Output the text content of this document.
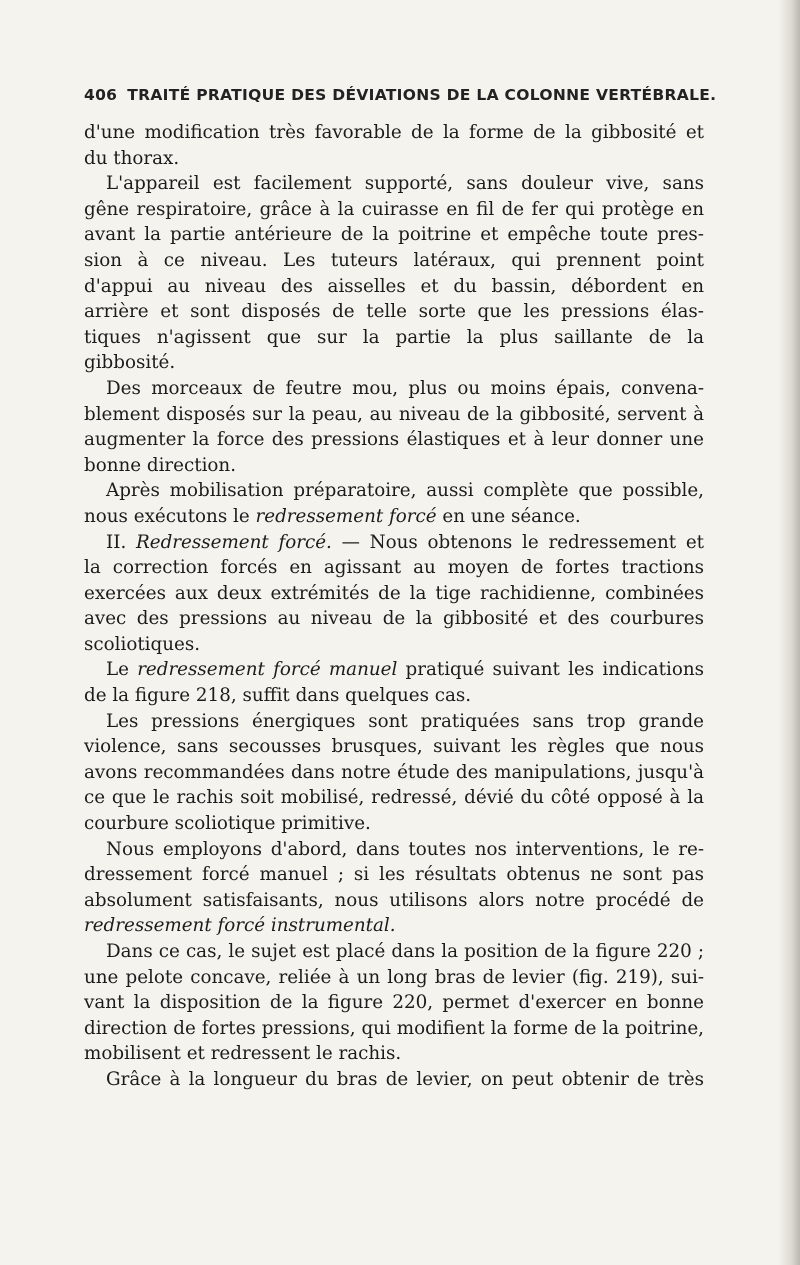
406 TRAITÉ PRATIQUE DES DÉVIATIONS DE LA COLONNE VERTÉBRALE.
d'une modification très favorable de la forme de la gibbosité et
du thorax.
L'appareil est facilement supporté, sans douleur vive, sans
gêne respiratoire, grâce à la cuirasse en fil de fer qui protège en
avant la partie antérieure de la poitrine et empêche toute pres-
sion à ce niveau. Les tuteurs latéraux, qui prennent point
d'appui au niveau des aisselles et du bassin, débordent en
arrière et sont disposés de telle sorte que les pressions élas-
tiques n'agissent que sur la partie la plus saillante de la
gibbosité.
Des morceaux de feutre mou, plus ou moins épais, convena-
blement disposés sur la peau, au niveau de la gibbosité, servent à
augmenter la force des pressions élastiques et à leur donner une
bonne direction.
Après mobilisation préparatoire, aussi complète que possible,
nous exécutons le redressement forcé en une séance.
II. Redressement forcé. — Nous obtenons le redressement et
la correction forcés en agissant au moyen de fortes tractions
exercées aux deux extrémités de la tige rachidienne, combinées
avec des pressions au niveau de la gibbosité et des courbures
scoliotiques.
Le redressement forcé manuel pratiqué suivant les indications
de la figure 218, suffit dans quelques cas.
Les pressions énergiques sont pratiquées sans trop grande
violence, sans secousses brusques, suivant les règles que nous
avons recommandées dans notre étude des manipulations, jusqu'à
ce que le rachis soit mobilisé, redressé, dévié du côté opposé à la
courbure scoliotique primitive.
Nous employons d'abord, dans toutes nos interventions, le re-
dressement forcé manuel ; si les résultats obtenus ne sont pas
absolument satisfaisants, nous utilisons alors notre procédé de
redressement forcé instrumental.
Dans ce cas, le sujet est placé dans la position de la figure 220 ;
une pelote concave, reliée à un long bras de levier (fig. 219), sui-
vant la disposition de la figure 220, permet d'exercer en bonne
direction de fortes pressions, qui modifient la forme de la poitrine,
mobilisent et redressent le rachis.
Grâce à la longueur du bras de levier, on peut obtenir de très
